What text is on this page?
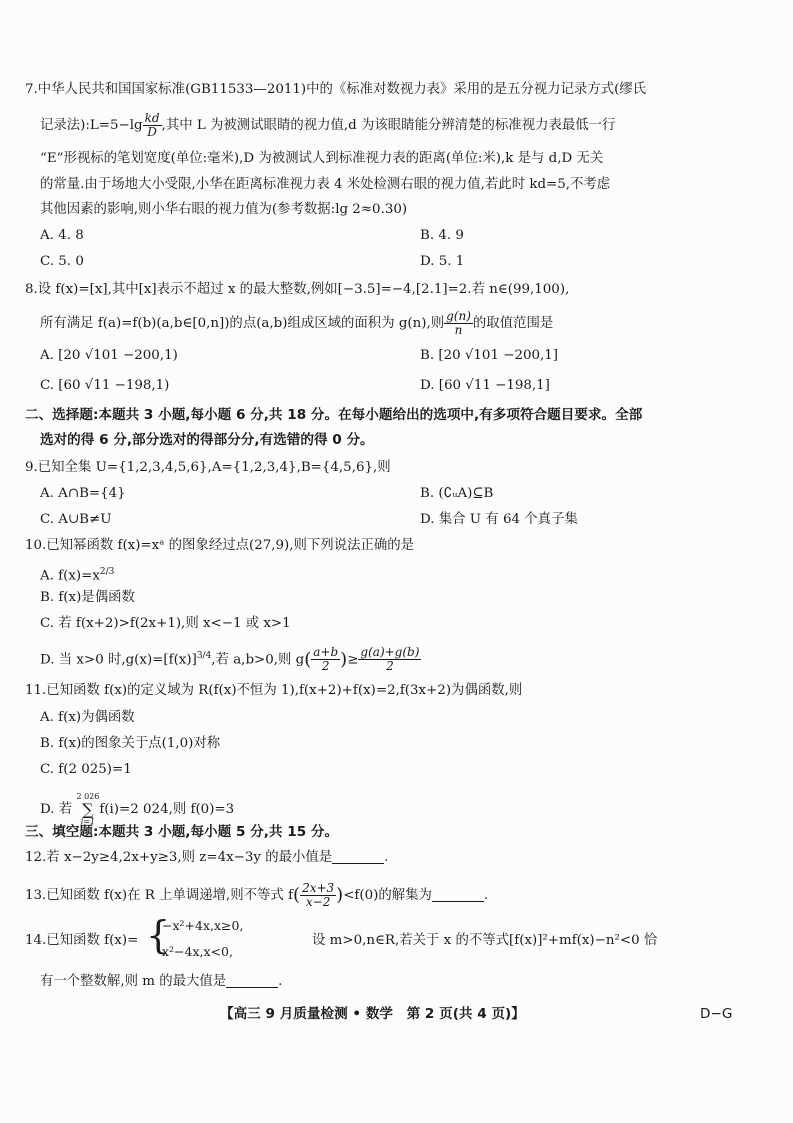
7.中华人民共和国国家标准(GB11533—2011)中的《标准对数视力表》采用的是五分视力记录方式(缪氏
记录法):L=5−lg $\frac{kd}{D}$ ,其中 L 为被测试眼睛的视力值,d 为该眼睛能分辨清楚的标准视力表最低一行
“E”形视标的笔划宽度(单位:毫米),D 为被测试人到标准视力表的距离(单位:米),k 是与 d,D 无关
的常量.由于场地大小受限,小华在距离标准视力表 4 米处检测右眼的视力值,若此时 kd=5,不考虑
其他因素的影响,则小华右眼的视力值为(参考数据:lg 2≈0.30)
A. 4. 8	B. 4. 9
C. 5. 0	D. 5. 1
8.设 f(x)=[x],其中[x]表示不超过 x 的最大整数,例如[−3.5]=−4,[2.1]=2.若 n∈(99,100),
所有满足 f(a)=f(b)(a,b∈[0,n])的点(a,b)组成区域的面积为 g(n),则 $\frac{g(n)}{n}$ 的取值范围是
A. [20 √101 −200,1)	B. [20 √101 −200,1]
C. [60 √11 −198,1)	D. [60 √11 −198,1]
二、选择题:本题共 3 小题,每小题 6 分,共 18 分。在每小题给出的选项中,有多项符合题目要求。全部
选对的得 6 分,部分选对的得部分分,有选错的得 0 分。
9.已知全集 U={1,2,3,4,5,6},A={1,2,3,4},B={4,5,6},则
A. A∩B={4}	B. (∁ᵤA)⊆B
C. A∪B≠U	D. 集合 U 有 64 个真子集
10.已知幂函数 f(x)=xᵃ 的图象经过点(27,9),则下列说法正确的是
A. $f(x)=x^{2/3}$
B. f(x)是偶函数
C. 若 f(x+2)>f(2x+1),则 x<−1 或 x>1
D. 当 x>0 时$,g(x)=[f(x)]^{3/4}$,若 a,b>0,则 $g( \frac{a+b}{2}$ )≥ $\frac{g(a)+g(b)}{2}$
11.已知函数 f(x)的定义域为 R(f(x)不恒为 1),f(x+2)+f(x)=2,f(3x+2)为偶函数,则
A. f(x)为偶函数
B. f(x)的图象关于点(1,0)对称
C. f(2 025)=1
D. 若
2 026
∑
i=1
f(i)=2 024,则 f(0)=3
三、填空题:本题共 3 小题,每小题 5 分,共 15 分。
12.若 x−2y≥4,2x+y≥3,则 z=4x−3y 的最小值是	.
13.已知函数 f(x)在 R 上单调递增,则不等式 $f( \frac{2x+3}{x-2} )<f(0)$的解集为	.
14.已知函数 f(x)= {
−x²+4x,x≥0,
x²−4x,x<0,
设 m>0,n∈R,若关于 x 的不等式[f(x)]²+mf(x)−n²<0 恰
有一个整数解,则 m 的最大值是	.
【高三 9 月质量检测 • 数学　第 2 页(共 4 页)】	D−G
